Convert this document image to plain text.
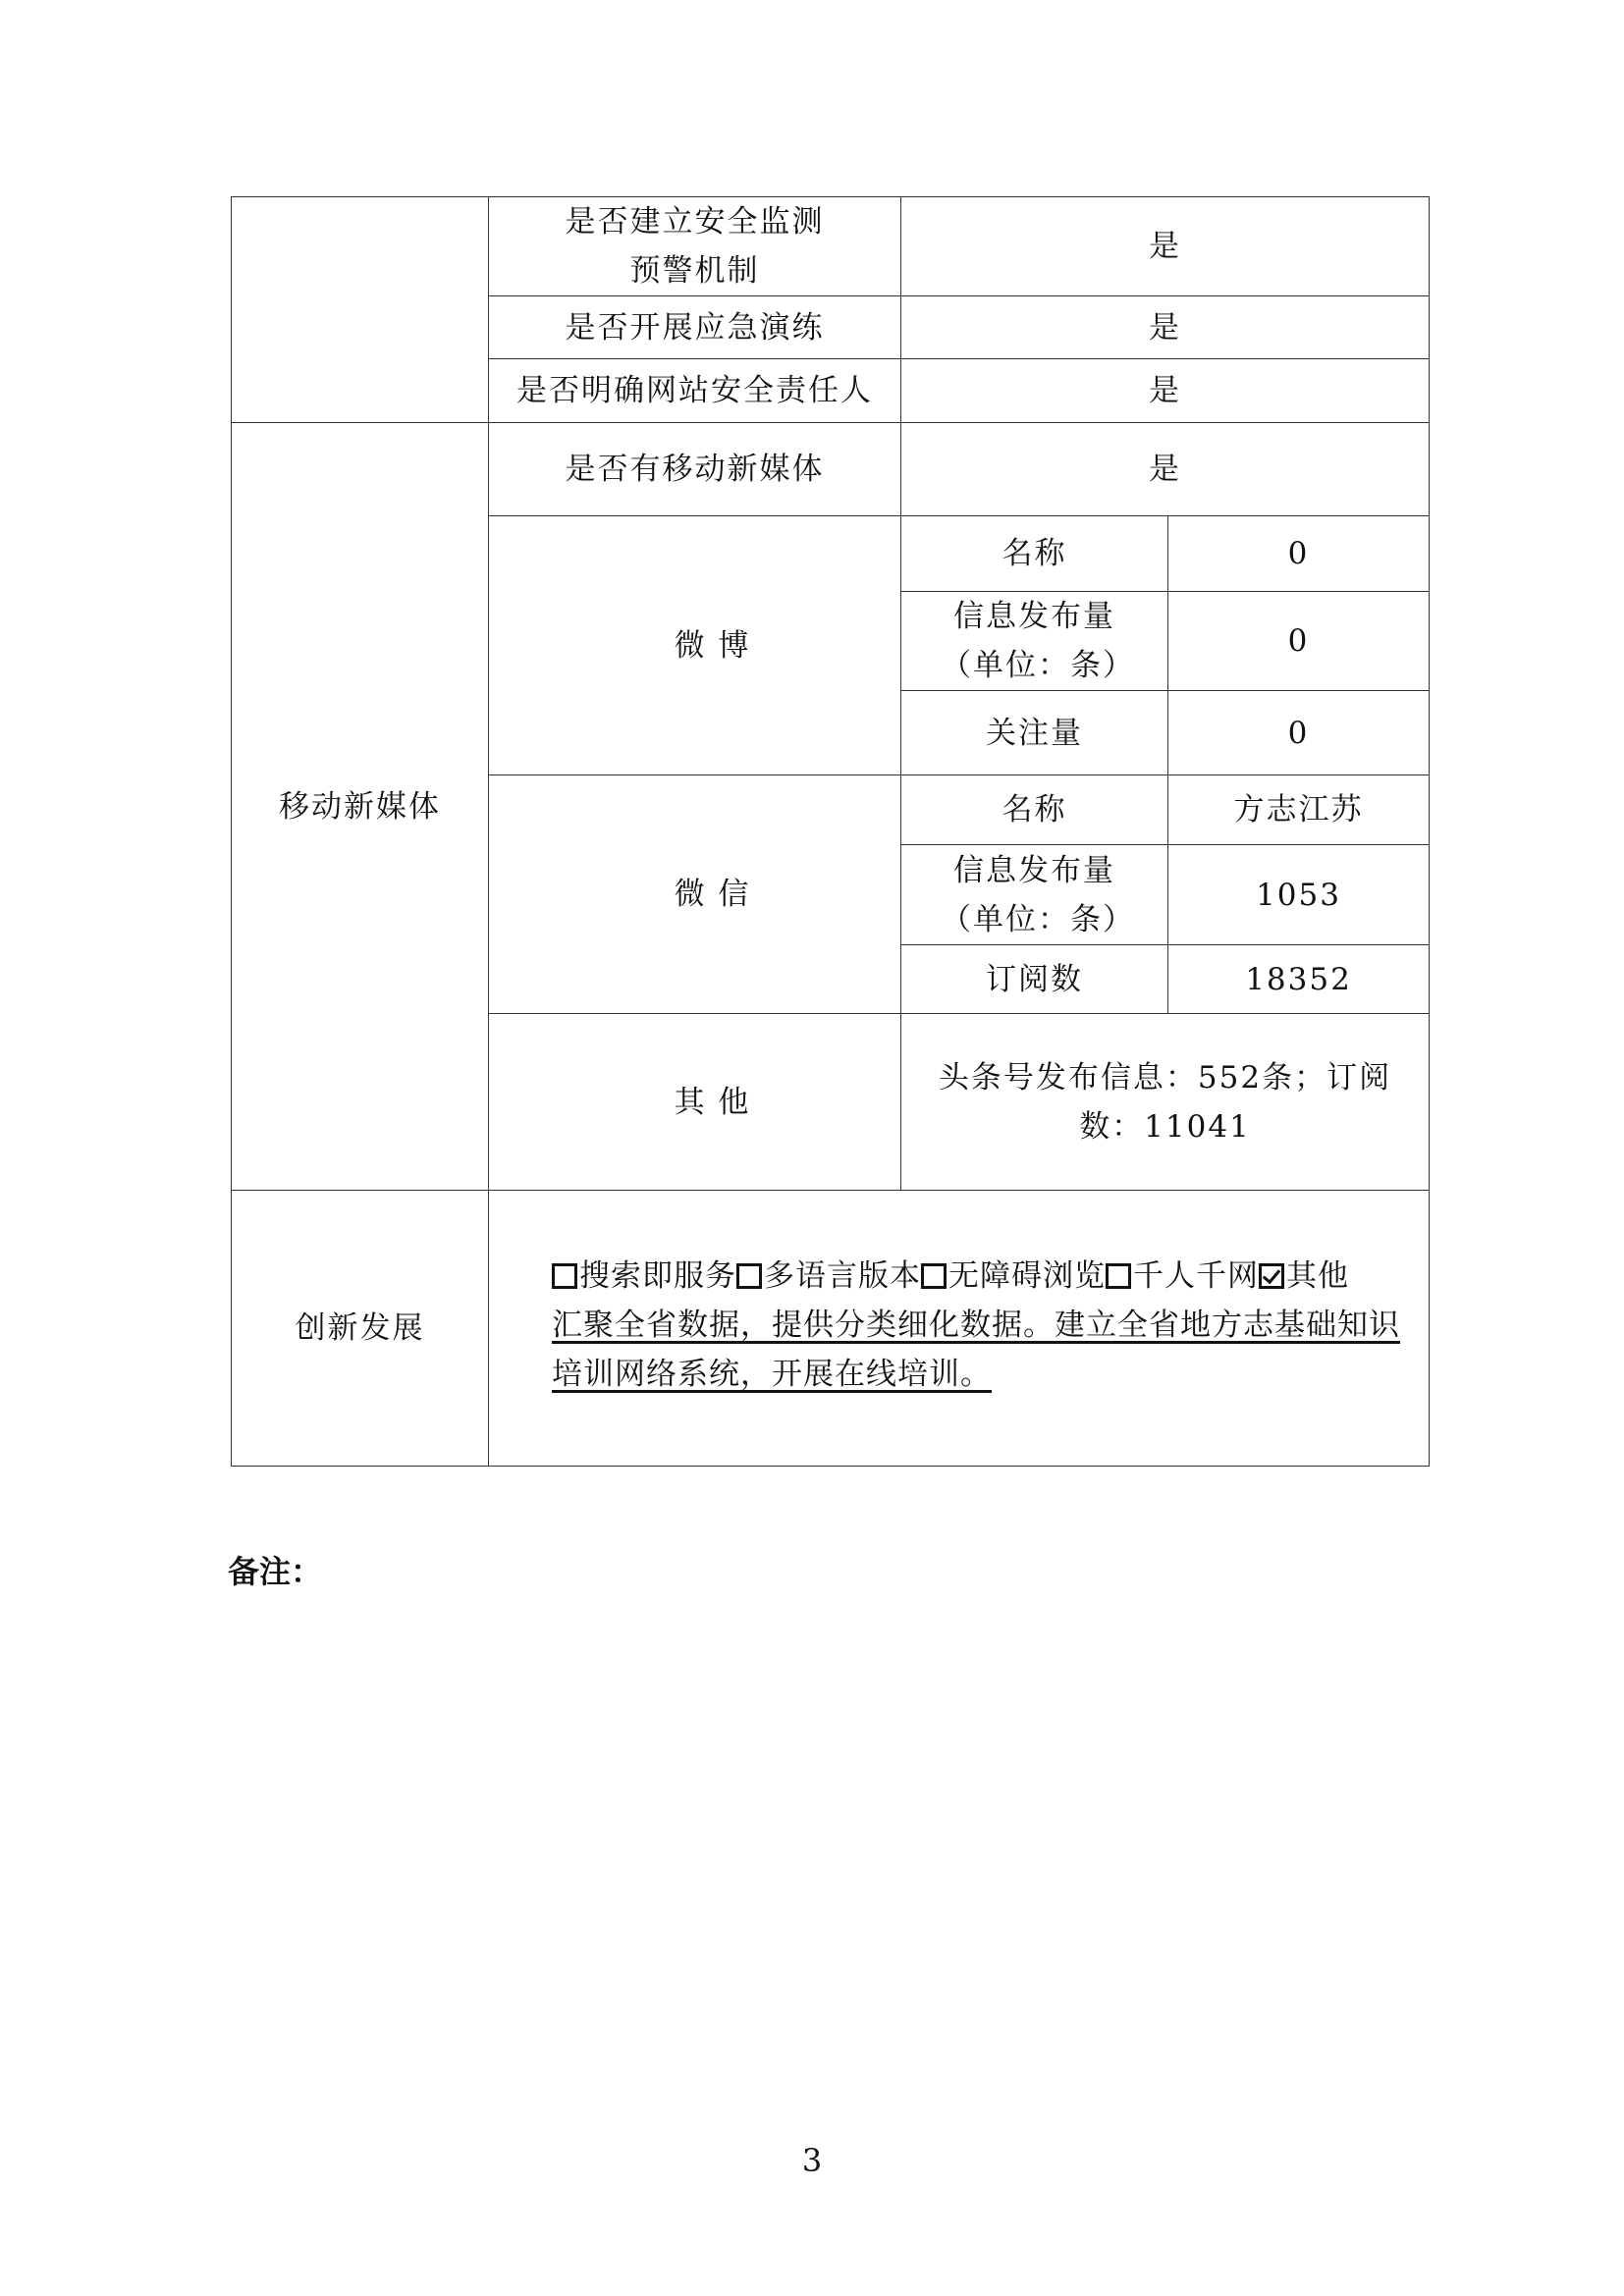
	是否建立安全监测预警机制	是	
	是否开展应急演练	是	
	是否明确网站安全责任人	是	
移动新媒体	是否有移动新媒体	是	
	微 博	名称	0
		信息发布量（单位：条）	0
		关注量	0
	微 信	名称	方志江苏
		信息发布量（单位：条）	1053
		订阅数	18352
	其 他	头条号发布信息：552条；订阅数：11041	
创新发展	搜索即服务 多语言版本 无障碍浏览 千人千网 其他
汇聚全省数据，提供分类细化数据。建立全省地方志基础知识培训网络系统，开展在线培训。		
备注：
3
